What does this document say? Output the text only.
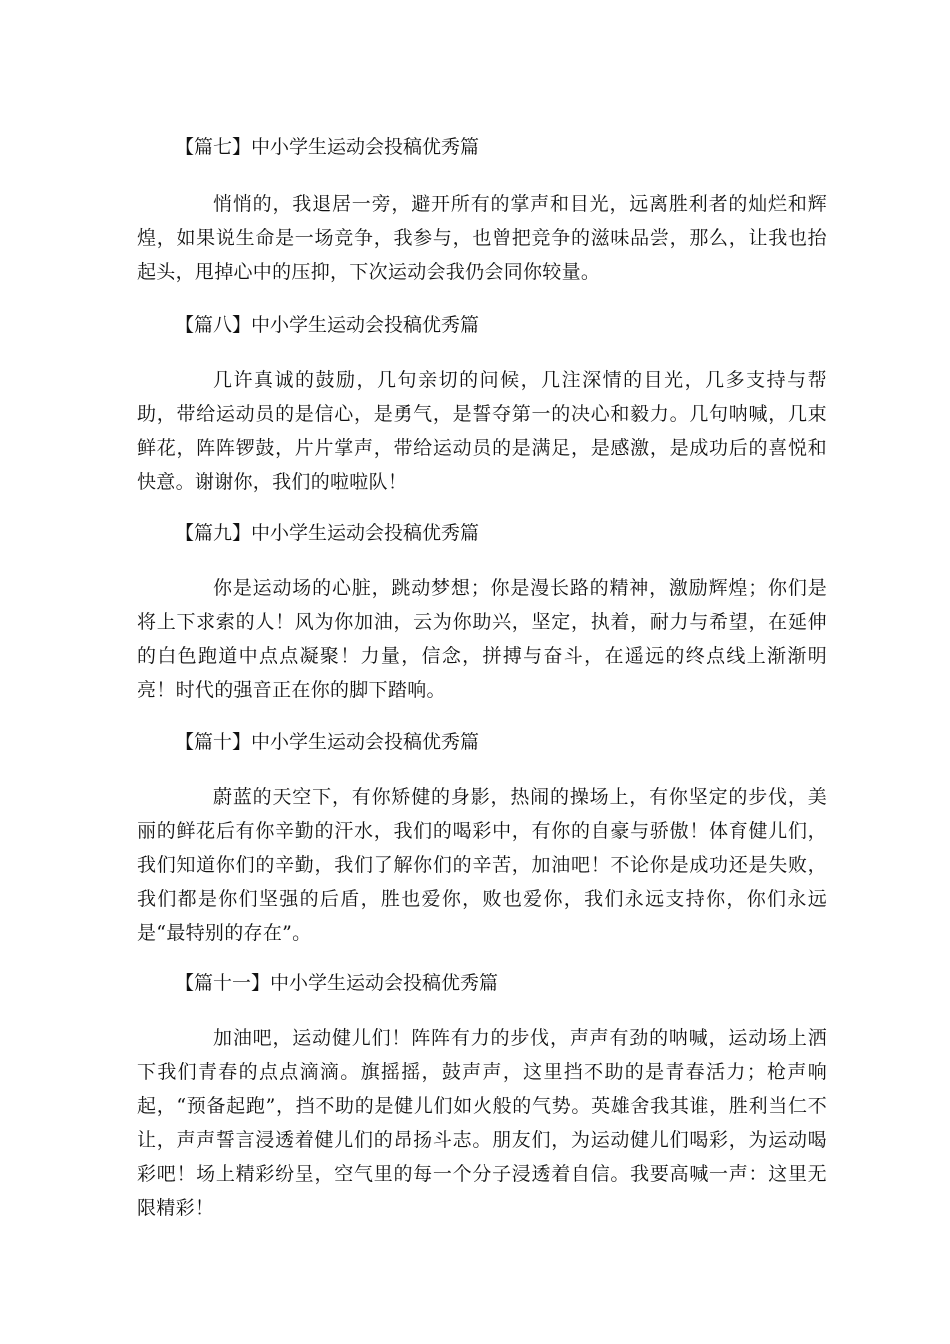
【篇七】中小学生运动会投稿优秀篇

悄悄的，我退居一旁，避开所有的掌声和目光，远离胜利者的灿烂和辉煌，如果说生命是一场竞争，我参与，也曾把竞争的滋味品尝，那么，让我也抬起头，甩掉心中的压抑，下次运动会我仍会同你较量。

【篇八】中小学生运动会投稿优秀篇

几许真诚的鼓励，几句亲切的问候，几注深情的目光，几多支持与帮助，带给运动员的是信心，是勇气，是誓夺第一的决心和毅力。几句呐喊，几束鲜花，阵阵锣鼓，片片掌声，带给运动员的是满足，是感激，是成功后的喜悦和快意。谢谢你，我们的啦啦队！

【篇九】中小学生运动会投稿优秀篇

你是运动场的心脏，跳动梦想；你是漫长路的精神，激励辉煌；你们是将上下求索的人！风为你加油，云为你助兴，坚定，执着，耐力与希望，在延伸的白色跑道中点点凝聚！力量，信念，拼搏与奋斗，在遥远的终点线上渐渐明亮！时代的强音正在你的脚下踏响。

【篇十】中小学生运动会投稿优秀篇

蔚蓝的天空下，有你矫健的身影，热闹的操场上，有你坚定的步伐，美丽的鲜花后有你辛勤的汗水，我们的喝彩中，有你的自豪与骄傲！体育健儿们，我们知道你们的辛勤，我们了解你们的辛苦，加油吧！不论你是成功还是失败，我们都是你们坚强的后盾，胜也爱你，败也爱你，我们永远支持你，你们永远是“最特别的存在”。

【篇十一】中小学生运动会投稿优秀篇

加油吧，运动健儿们！阵阵有力的步伐，声声有劲的呐喊，运动场上洒下我们青春的点点滴滴。旗摇摇，鼓声声，这里挡不助的是青春活力；枪声响起，“预备起跑”，挡不助的是健儿们如火般的气势。英雄舍我其谁，胜利当仁不让，声声誓言浸透着健儿们的昂扬斗志。朋友们，为运动健儿们喝彩，为运动喝彩吧！场上精彩纷呈，空气里的每一个分子浸透着自信。我要高喊一声：这里无限精彩！
